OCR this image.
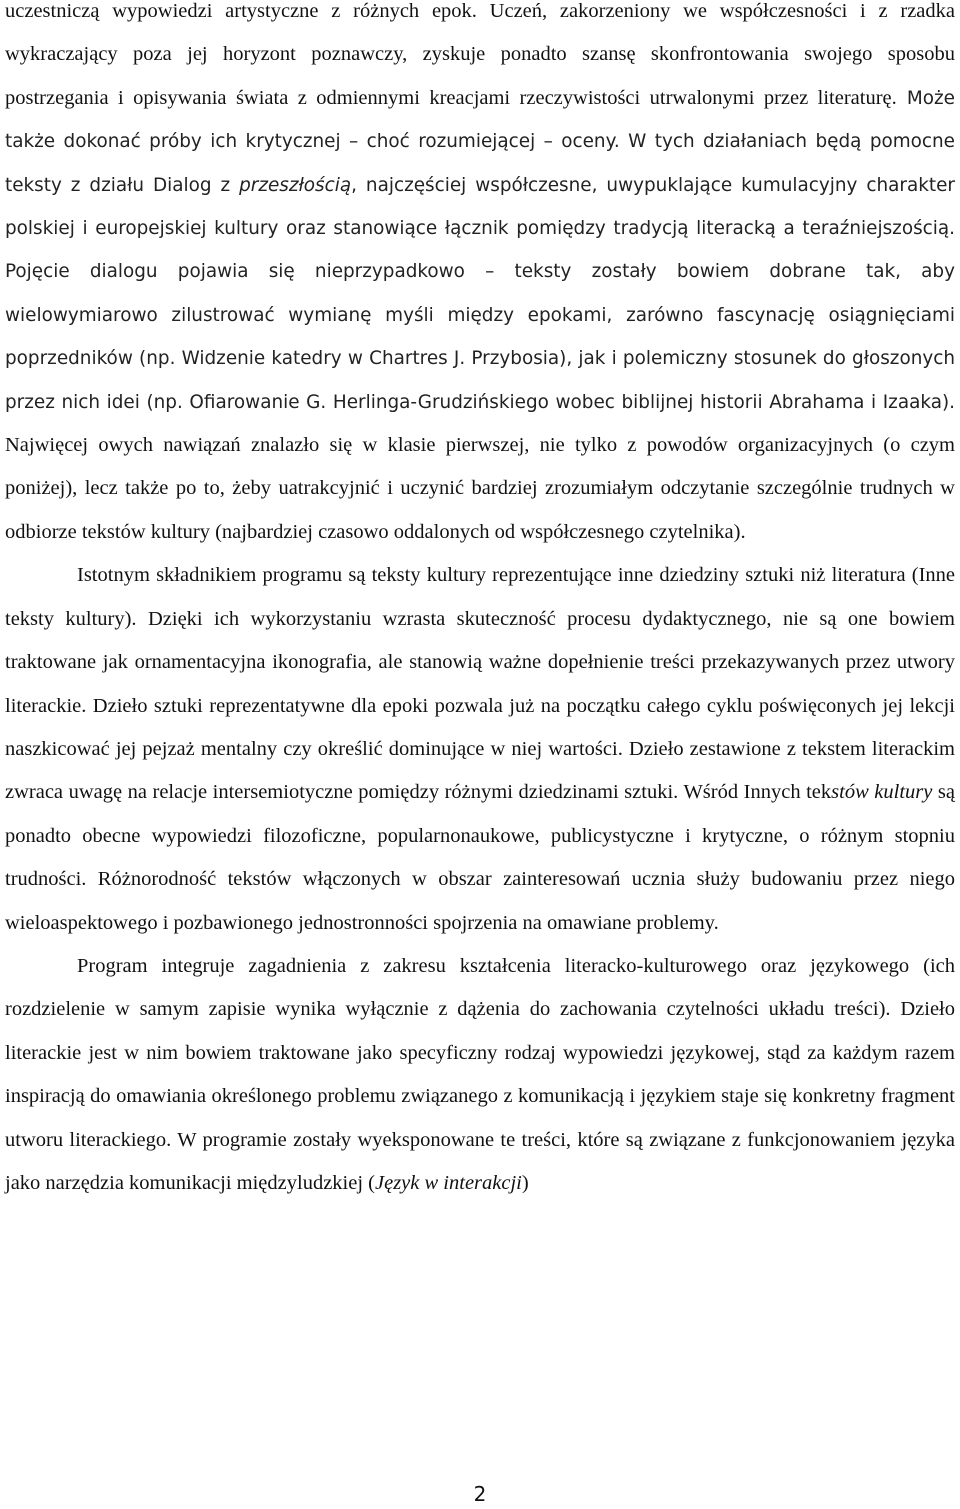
uczestniczą wypowiedzi artystyczne z różnych epok. Uczeń, zakorzeniony we współczesności i z rzadka wykraczający poza jej horyzont poznawczy, zyskuje ponadto szansę skonfrontowania swojego sposobu postrzegania i opisywania świata z odmiennymi kreacjami rzeczywistości utrwalonymi przez literaturę. Może także dokonać próby ich krytycznej – choć rozumiejącej – oceny. W tych działaniach będą pomocne teksty z działu Dialog z przeszłością, najczęściej współczesne, uwypuklające kumulacyjny charakter polskiej i europejskiej kultury oraz stanowiące łącznik pomiędzy tradycją literacką a teraźniejszością. Pojęcie dialogu pojawia się nieprzypadkowo – teksty zostały bowiem dobrane tak, aby wielowymiarowo zilustrować wymianę myśli między epokami, zarówno fascynację osiągnięciami poprzedników (np. Widzenie katedry w Chartres J. Przybosia), jak i polemiczny stosunek do głoszonych przez nich idei (np. Ofiarowanie G. Herlinga-Grudzińskiego wobec biblijnej historii Abrahama i Izaaka). Najwięcej owych nawiązań znalazło się w klasie pierwszej, nie tylko z powodów organizacyjnych (o czym poniżej), lecz także po to, żeby uatrakcyjnić i uczynić bardziej zrozumiałym odczytanie szczególnie trudnych w odbiorze tekstów kultury (najbardziej czasowo oddalonych od współczesnego czytelnika).

Istotnym składnikiem programu są teksty kultury reprezentujące inne dziedziny sztuki niż literatura (Inne teksty kultury). Dzięki ich wykorzystaniu wzrasta skuteczność procesu dydaktycznego, nie są one bowiem traktowane jak ornamentacyjna ikonografia, ale stanowią ważne dopełnienie treści przekazywanych przez utwory literackie. Dzieło sztuki reprezentatywne dla epoki pozwala już na początku całego cyklu poświęconych jej lekcji naszkicować jej pejzaż mentalny czy określić dominujące w niej wartości. Dzieło zestawione z tekstem literackim zwraca uwagę na relacje intersemiotyczne pomiędzy różnymi dziedzinami sztuki. Wśród Innych tekstów kultury są ponadto obecne wypowiedzi filozoficzne, popularnonaukowe, publicystyczne i krytyczne, o różnym stopniu trudności. Różnorodność tekstów włączonych w obszar zainteresowań ucznia służy budowaniu przez niego wieloaspektowego i pozbawionego jednostronności spojrzenia na omawiane problemy.

Program integruje zagadnienia z zakresu kształcenia literacko-kulturowego oraz językowego (ich rozdzielenie w samym zapisie wynika wyłącznie z dążenia do zachowania czytelności układu treści). Dzieło literackie jest w nim bowiem traktowane jako specyficzny rodzaj wypowiedzi językowej, stąd za każdym razem inspiracją do omawiania określonego problemu związanego z komunikacją i językiem staje się konkretny fragment utworu literackiego. W programie zostały wyeksponowane te treści, które są związane z funkcjonowaniem języka jako narzędzia komunikacji międzyludzkiej (Język w interakcji)

2
